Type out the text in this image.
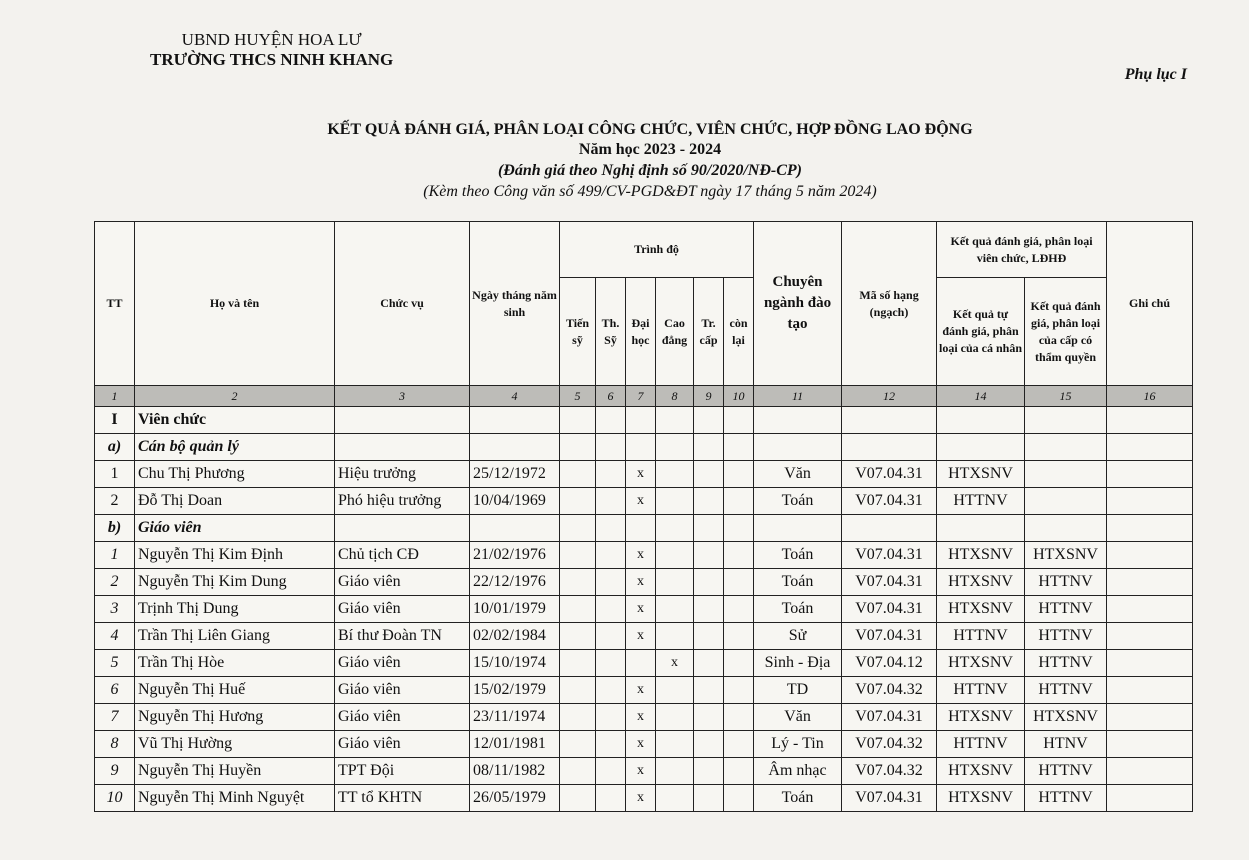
UBND HUYỆN HOA LƯ
TRƯỜNG THCS NINH KHANG
Phụ lục I
KẾT QUẢ ĐÁNH GIÁ, PHÂN LOẠI CÔNG CHỨC, VIÊN CHỨC, HỢP ĐỒNG LAO ĐỘNG
Năm học 2023 - 2024
(Đánh giá theo Nghị định số 90/2020/NĐ-CP)
(Kèm theo Công văn số 499/CV-PGD&ĐT ngày 17 tháng 5 năm 2024)
TT	Họ và tên	Chức vụ	Ngày tháng năm sinh	Trình độ						Chuyên ngành đào tạo	Mã số hạng (ngạch)	Kết quả đánh giá, phân loại viên chức, LĐHĐ		Ghi chú
				Tiến sỹ	Th. Sỹ	Đại học	Cao đẳng	Tr. cấp	còn lại			Kết quả tự đánh giá, phân loại của cá nhân	Kết quả đánh giá, phân loại của cấp có thẩm quyền	
1	2	3	4	5	6	7	8	9	10	11	12	14	15	16
I	Viên chức													
a)	Cán bộ quản lý													
1	Chu Thị Phương	Hiệu trưởng	25/12/1972			x				Văn	V07.04.31	HTXSNV		
2	Đỗ Thị Doan	Phó hiệu trưởng	10/04/1969			x				Toán	V07.04.31	HTTNV		
b)	Giáo viên													
1	Nguyễn Thị Kim Định	Chủ tịch CĐ	21/02/1976			x				Toán	V07.04.31	HTXSNV	HTXSNV	
2	Nguyễn Thị Kim Dung	Giáo viên	22/12/1976			x				Toán	V07.04.31	HTXSNV	HTTNV	
3	Trịnh Thị Dung	Giáo viên	10/01/1979			x				Toán	V07.04.31	HTXSNV	HTTNV	
4	Trần Thị Liên Giang	Bí thư Đoàn TN	02/02/1984			x				Sử	V07.04.31	HTTNV	HTTNV	
5	Trần Thị Hòe	Giáo viên	15/10/1974				x			Sinh - Địa	V07.04.12	HTXSNV	HTTNV	
6	Nguyễn Thị Huế	Giáo viên	15/02/1979			x				TD	V07.04.32	HTTNV	HTTNV	
7	Nguyễn Thị Hương	Giáo viên	23/11/1974			x				Văn	V07.04.31	HTXSNV	HTXSNV	
8	Vũ Thị Hường	Giáo viên	12/01/1981			x				Lý - Tin	V07.04.32	HTTNV	HTNV	
9	Nguyễn Thị Huyền	TPT Đội	08/11/1982			x				Âm nhạc	V07.04.32	HTXSNV	HTTNV	
10	Nguyễn Thị Minh Nguyệt	TT tổ KHTN	26/05/1979			x				Toán	V07.04.31	HTXSNV	HTTNV	
